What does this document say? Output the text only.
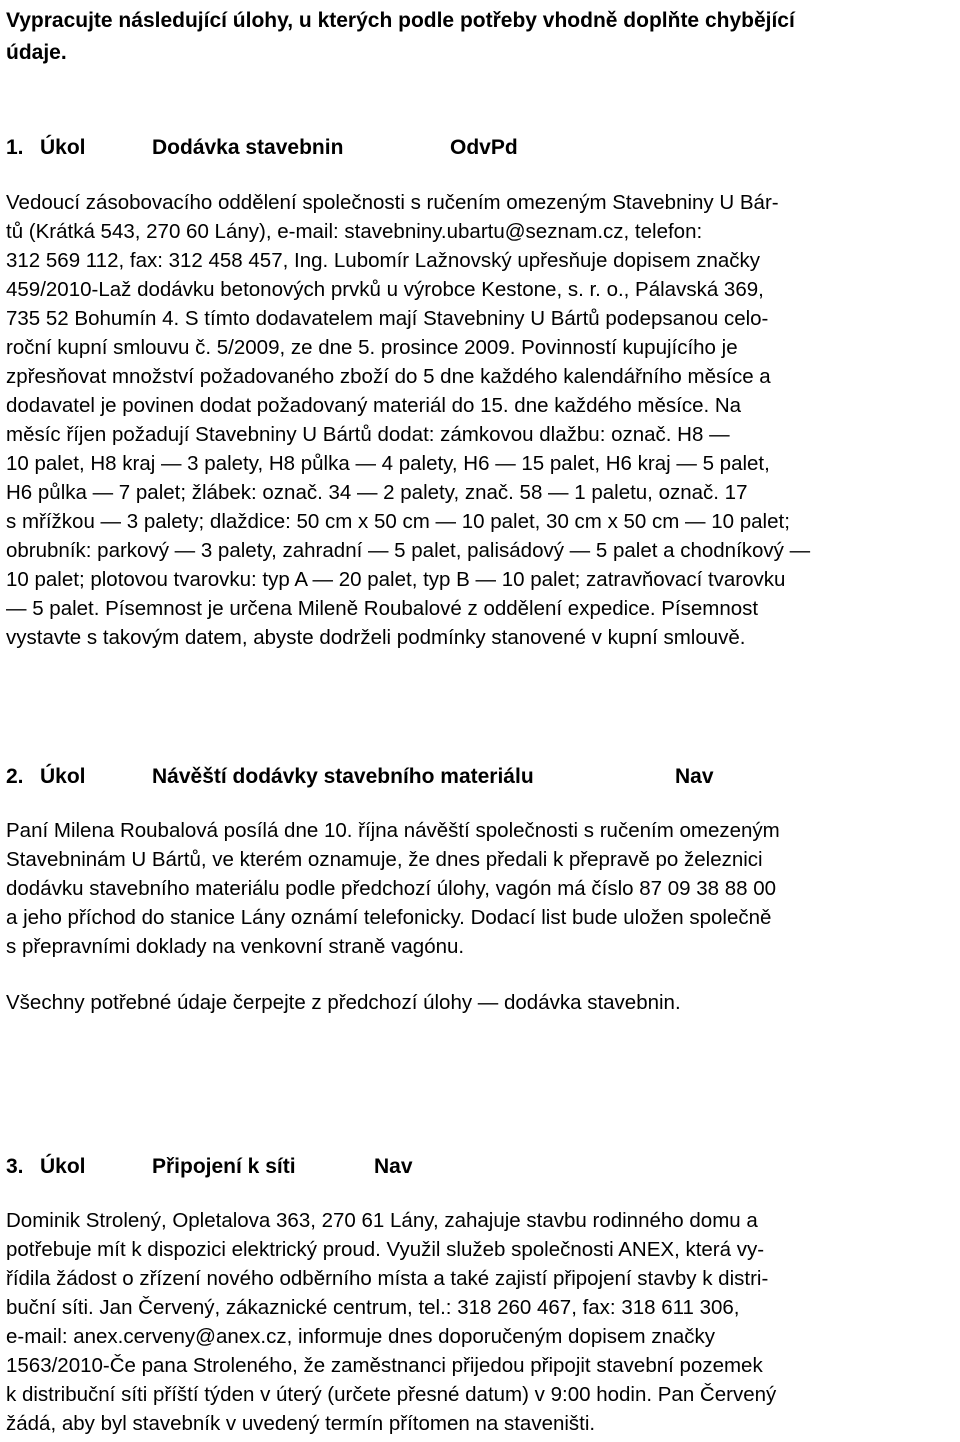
Vypracujte následující úlohy, u kterých podle potřeby vhodně doplňte chybějící
údaje.
1. Úkol	Dodávka stavebnin	OdvPd
Vedoucí zásobovacího oddělení společnosti s ručením omezeným Stavebniny U Bár-
tů (Krátká 543, 270 60 Lány), e-mail: stavebniny.ubartu@seznam.cz, telefon:
312 569 112, fax: 312 458 457, Ing. Lubomír Lažnovský upřesňuje dopisem značky
459/2010-Laž dodávku betonových prvků u výrobce Kestone, s. r. o., Pálavská 369,
735 52 Bohumín 4. S tímto dodavatelem mají Stavebniny U Bártů podepsanou celo-
roční kupní smlouvu č. 5/2009, ze dne 5. prosince 2009. Povinností kupujícího je
zpřesňovat množství požadovaného zboží do 5 dne každého kalendářního měsíce a
dodavatel je povinen dodat požadovaný materiál do 15. dne každého měsíce. Na
měsíc říjen požadují Stavebniny U Bártů dodat: zámkovou dlažbu: označ. H8 —
10 palet, H8 kraj — 3 palety, H8 půlka — 4 palety, H6 — 15 palet, H6 kraj — 5 palet,
H6 půlka — 7 palet; žlábek: označ. 34 — 2 palety, znač. 58 — 1 paletu, označ. 17
s mřížkou — 3 palety; dlaždice: 50 cm x 50 cm — 10 palet, 30 cm x 50 cm — 10 palet;
obrubník: parkový — 3 palety, zahradní — 5 palet, palisádový — 5 palet a chodníkový —
10 palet; plotovou tvarovku: typ A — 20 palet, typ B — 10 palet; zatravňovací tvarovku
— 5 palet. Písemnost je určena Mileně Roubalové z oddělení expedice. Písemnost
vystavte s takovým datem, abyste dodrželi podmínky stanovené v kupní smlouvě.
2. Úkol	Návěští dodávky stavebního materiálu	Nav
Paní Milena Roubalová posílá dne 10. října návěští společnosti s ručením omezeným
Stavebninám U Bártů, ve kterém oznamuje, že dnes předali k přepravě po železnici
dodávku stavebního materiálu podle předchozí úlohy, vagón má číslo 87 09 38 88 00
a jeho příchod do stanice Lány oznámí telefonicky. Dodací list bude uložen společně
s přepravními doklady na venkovní straně vagónu.
Všechny potřebné údaje čerpejte z předchozí úlohy — dodávka stavebnin.
3. Úkol	Připojení k síti	Nav
Dominik Strolený, Opletalova 363, 270 61 Lány, zahajuje stavbu rodinného domu a
potřebuje mít k dispozici elektrický proud. Využil služeb společnosti ANEX, která vy-
řídila žádost o zřízení nového odběrního místa a také zajistí připojení stavby k distri-
buční síti. Jan Červený, zákaznické centrum, tel.: 318 260 467, fax: 318 611 306,
e-mail: anex.cerveny@anex.cz, informuje dnes doporučeným dopisem značky
1563/2010-Če pana Stroleného, že zaměstnanci přijedou připojit stavební pozemek
k distribuční síti příští týden v úterý (určete přesné datum) v 9:00 hodin. Pan Červený
žádá, aby byl stavebník v uvedený termín přítomen na staveništi.
